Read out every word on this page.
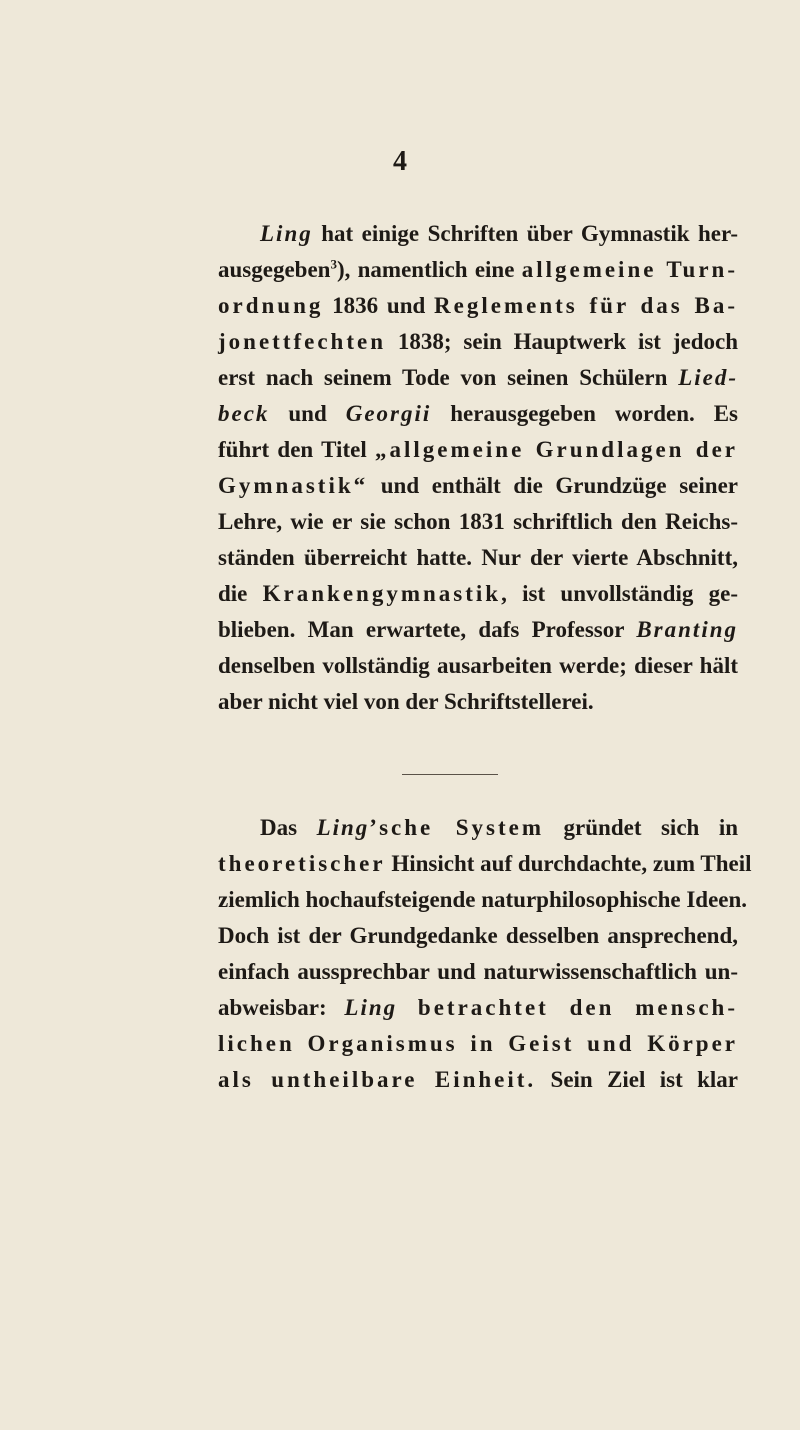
4
Ling hat einige Schriften über Gymnastik her-
ausgegeben$^3$), namentlich eine allgemeine Turn-
ordnung 1836 und Reglements für das Ba-
jonettfechten 1838; sein Hauptwerk ist jedoch
erst nach seinem Tode von seinen Schülern Lied-
beck und Georgii herausgegeben worden. Es
führt den Titel „allgemeine Grundlagen der
Gymnastik“ und enthält die Grundzüge seiner
Lehre, wie er sie schon 1831 schriftlich den Reichs-
ständen überreicht hatte. Nur der vierte Abschnitt,
die Krankengymnastik, ist unvollständig ge-
blieben. Man erwartete, dafs Professor Branting
denselben vollständig ausarbeiten werde; dieser hält
aber nicht viel von der Schriftstellerei.
Das Ling’sche System gründet sich in
theoretischer Hinsicht auf durchdachte, zum Theil
ziemlich hochaufsteigende naturphilosophische Ideen.
Doch ist der Grundgedanke desselben ansprechend,
einfach aussprechbar und naturwissenschaftlich un-
abweisbar: Ling betrachtet den mensch-
lichen Organismus in Geist und Körper
als untheilbare Einheit. Sein Ziel ist klar
